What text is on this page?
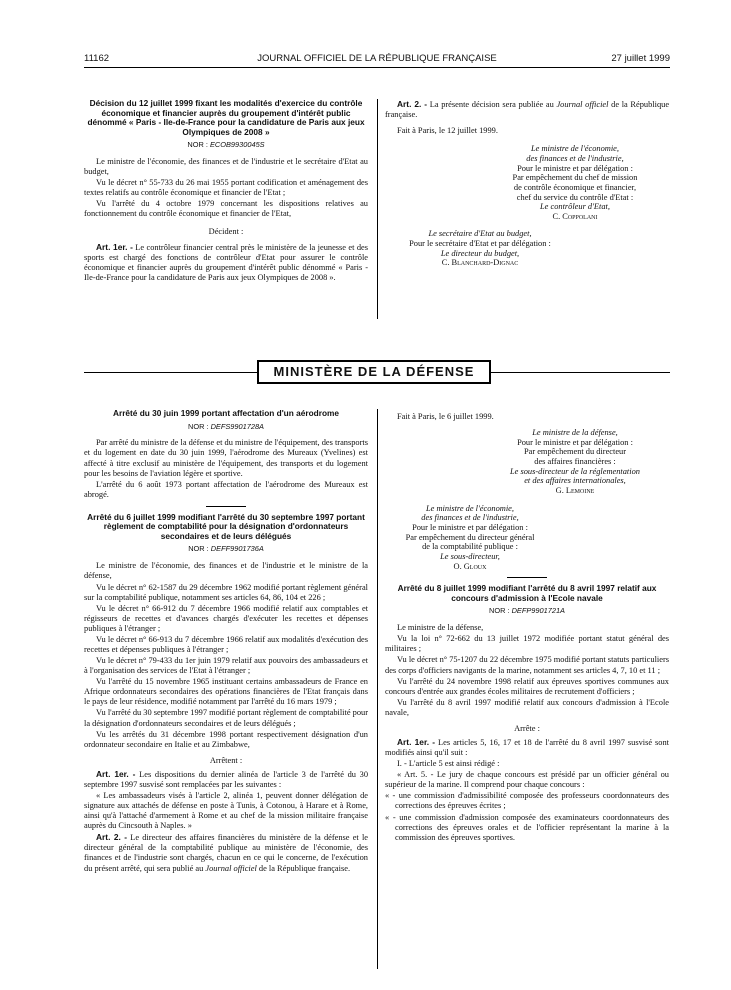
11162	JOURNAL OFFICIEL DE LA RÉPUBLIQUE FRANÇAISE	27 juillet 1999
Décision du 12 juillet 1999 fixant les modalités d'exercice du contrôle économique et financier auprès du groupement d'intérêt public dénommé « Paris - Ile-de-France pour la candidature de Paris aux jeux Olympiques de 2008 »
NOR : ECOB9930045S

Le ministre de l'économie, des finances et de l'industrie et le secrétaire d'Etat au budget,

Vu le décret n° 55-733 du 26 mai 1955 portant codification et aménagement des textes relatifs au contrôle économique et financier de l'Etat ;

Vu l'arrêté du 4 octobre 1979 concernant les dispositions relatives au fonctionnement du contrôle économique et financier de l'Etat,

Décident :

Art. 1er. - Le contrôleur financier central près le ministère de la jeunesse et des sports est chargé des fonctions de contrôleur d'Etat pour assurer le contrôle économique et financier auprès du groupement d'intérêt public dénommé « Paris - Ile-de-France pour la candidature de Paris aux jeux Olympiques de 2008 ».

Art. 2. - La présente décision sera publiée au Journal officiel de la République française.

Fait à Paris, le 12 juillet 1999.

Le ministre de l'économie,

des finances et de l'industrie,

Pour le ministre et par délégation :

Par empêchement du chef de mission

de contrôle économique et financier,

chef du service du contrôle d'Etat :

Le contrôleur d'Etat,

C. Coppolani

Le secrétaire d'Etat au budget,

Pour le secrétaire d'Etat et par délégation :

Le directeur du budget,

C. Blanchard-Dignac

MINISTÈRE DE LA DÉFENSE
Arrêté du 30 juin 1999 portant affectation d'un aérodrome
NOR : DEFS9901728A

Par arrêté du ministre de la défense et du ministre de l'équipement, des transports et du logement en date du 30 juin 1999, l'aérodrome des Mureaux (Yvelines) est affecté à titre exclusif au ministère de l'équipement, des transports et du logement pour les besoins de l'aviation légère et sportive.

L'arrêté du 6 août 1973 portant affectation de l'aérodrome des Mureaux est abrogé.

Arrêté du 6 juillet 1999 modifiant l'arrêté du 30 septembre 1997 portant règlement de comptabilité pour la désignation d'ordonnateurs secondaires et de leurs délégués
NOR : DEFF9901736A

Le ministre de l'économie, des finances et de l'industrie et le ministre de la défense,

Vu le décret n° 62-1587 du 29 décembre 1962 modifié portant règlement général sur la comptabilité publique, notamment ses articles 64, 86, 104 et 226 ;

Vu le décret n° 66-912 du 7 décembre 1966 modifié relatif aux comptables et régisseurs de recettes et d'avances chargés d'exécuter les recettes et dépenses publiques à l'étranger ;

Vu le décret n° 66-913 du 7 décembre 1966 relatif aux modalités d'exécution des recettes et dépenses publiques à l'étranger ;

Vu le décret n° 79-433 du 1er juin 1979 relatif aux pouvoirs des ambassadeurs et à l'organisation des services de l'Etat à l'étranger ;

Vu l'arrêté du 15 novembre 1965 instituant certains ambassadeurs de France en Afrique ordonnateurs secondaires des opérations financières de l'Etat français dans le pays de leur résidence, modifié notamment par l'arrêté du 16 mars 1979 ;

Vu l'arrêté du 30 septembre 1997 modifié portant règlement de comptabilité pour la désignation d'ordonnateurs secondaires et de leurs délégués ;

Vu les arrêtés du 31 décembre 1998 portant respectivement désignation d'un ordonnateur secondaire en Italie et au Zimbabwe,

Arrêtent :

Art. 1er. - Les dispositions du dernier alinéa de l'article 3 de l'arrêté du 30 septembre 1997 susvisé sont remplacées par les suivantes :

« Les ambassadeurs visés à l'article 2, alinéa 1, peuvent donner délégation de signature aux attachés de défense en poste à Tunis, à Cotonou, à Harare et à Rome, ainsi qu'à l'attaché d'armement à Rome et au chef de la mission militaire française auprès du Cincsouth à Naples. »

Art. 2. - Le directeur des affaires financières du ministère de la défense et le directeur général de la comptabilité publique au ministère de l'économie, des finances et de l'industrie sont chargés, chacun en ce qui le concerne, de l'exécution du présent arrêté, qui sera publié au Journal officiel de la République française.

Fait à Paris, le 6 juillet 1999.

Le ministre de la défense,

Pour le ministre et par délégation :

Par empêchement du directeur

des affaires financières :

Le sous-directeur de la réglementation

et des affaires internationales,

G. Lemoine

Le ministre de l'économie,

des finances et de l'industrie,

Pour le ministre et par délégation :

Par empêchement du directeur général

de la comptabilité publique :

Le sous-directeur,

O. Gloux

Arrêté du 8 juillet 1999 modifiant l'arrêté du 8 avril 1997 relatif aux concours d'admission à l'Ecole navale
NOR : DEFP9901721A

Le ministre de la défense,

Vu la loi n° 72-662 du 13 juillet 1972 modifiée portant statut général des militaires ;

Vu le décret n° 75-1207 du 22 décembre 1975 modifié portant statuts particuliers des corps d'officiers navigants de la marine, notamment ses articles 4, 7, 10 et 11 ;

Vu l'arrêté du 24 novembre 1998 relatif aux épreuves sportives communes aux concours d'entrée aux grandes écoles militaires de recrutement d'officiers ;

Vu l'arrêté du 8 avril 1997 modifié relatif aux concours d'admission à l'Ecole navale,

Arrête :

Art. 1er. - Les articles 5, 16, 17 et 18 de l'arrêté du 8 avril 1997 susvisé sont modifiés ainsi qu'il suit :

I. - L'article 5 est ainsi rédigé :

« Art. 5. - Le jury de chaque concours est présidé par un officier général ou supérieur de la marine. Il comprend pour chaque concours :

« - une commission d'admissibilité composée des professeurs coordonnateurs des corrections des épreuves écrites ;

« - une commission d'admission composée des examinateurs coordonnateurs des corrections des épreuves orales et de l'officier représentant la marine à la commission des épreuves sportives.
